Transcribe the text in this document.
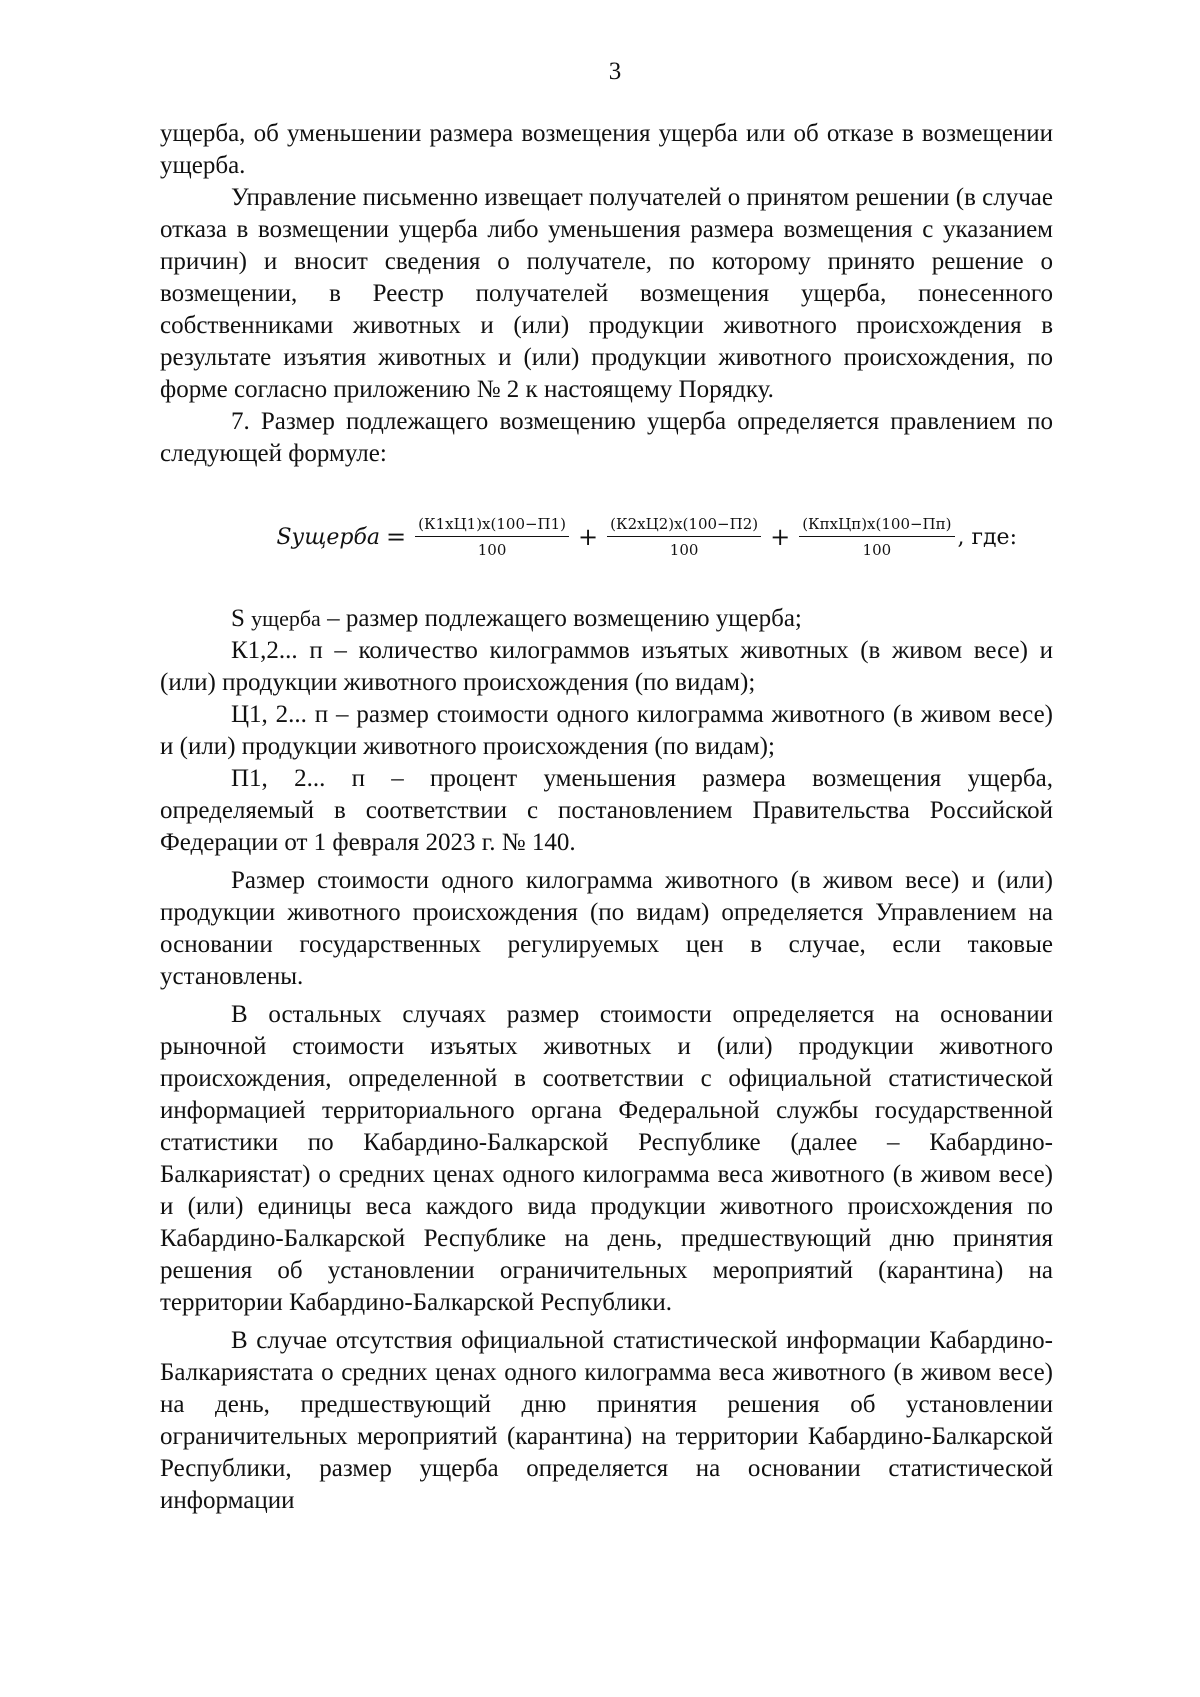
3

ущерба, об уменьшении размера возмещения ущерба или об отказе в возмещении ущерба.

Управление письменно извещает получателей о принятом решении (в случае отказа в возмещении ущерба либо уменьшения размера возмещения с указанием причин) и вносит сведения о получателе, по которому принято решение о возмещении, в Реестр получателей возмещения ущерба, понесенного собственниками животных и (или) продукции животного происхождения в результате изъятия животных и (или) продукции животного происхождения, по форме согласно приложению № 2 к настоящему Порядку.

7. Размер подлежащего возмещению ущерба определяется правлением по следующей формуле:

Sущерба = $\frac{(К1хЦ1)х(100-П1)}{100} + \frac{(К2хЦ2)х(100-П2)}{100} + \frac{\text{(КпхЦп)х(100−Пп)}}{100}$ , где:

S ущерба – размер подлежащего возмещению ущерба;

К1,2... п – количество килограммов изъятых животных (в живом весе) и (или) продукции животного происхождения (по видам);

Ц1, 2... п – размер стоимости одного килограмма животного (в живом весе) и (или) продукции животного происхождения (по видам);

П1, 2... п – процент уменьшения размера возмещения ущерба, определяемый в соответствии с постановлением Правительства Российской Федерации от 1 февраля 2023 г. № 140.

Размер стоимости одного килограмма животного (в живом весе) и (или) продукции животного происхождения (по видам) определяется Управлением на основании государственных регулируемых цен в случае, если таковые установлены.

В остальных случаях размер стоимости определяется на основании рыночной стоимости изъятых животных и (или) продукции животного происхождения, определенной в соответствии с официальной статистической информацией территориального органа Федеральной службы государственной статистики по Кабардино-Балкарской Республике (далее – Кабардино-Балкариястат) о средних ценах одного килограмма веса животного (в живом весе) и (или) единицы веса каждого вида продукции животного происхождения по Кабардино-Балкарской Республике на день, предшествующий дню принятия решения об установлении ограничительных мероприятий (карантина) на территории Кабардино-Балкарской Республики.

В случае отсутствия официальной статистической информации Кабардино-Балкариястата о средних ценах одного килограмма веса животного (в живом весе) на день, предшествующий дню принятия решения об установлении ограничительных мероприятий (карантина) на территории Кабардино-Балкарской Республики, размер ущерба определяется на основании статистической информации
